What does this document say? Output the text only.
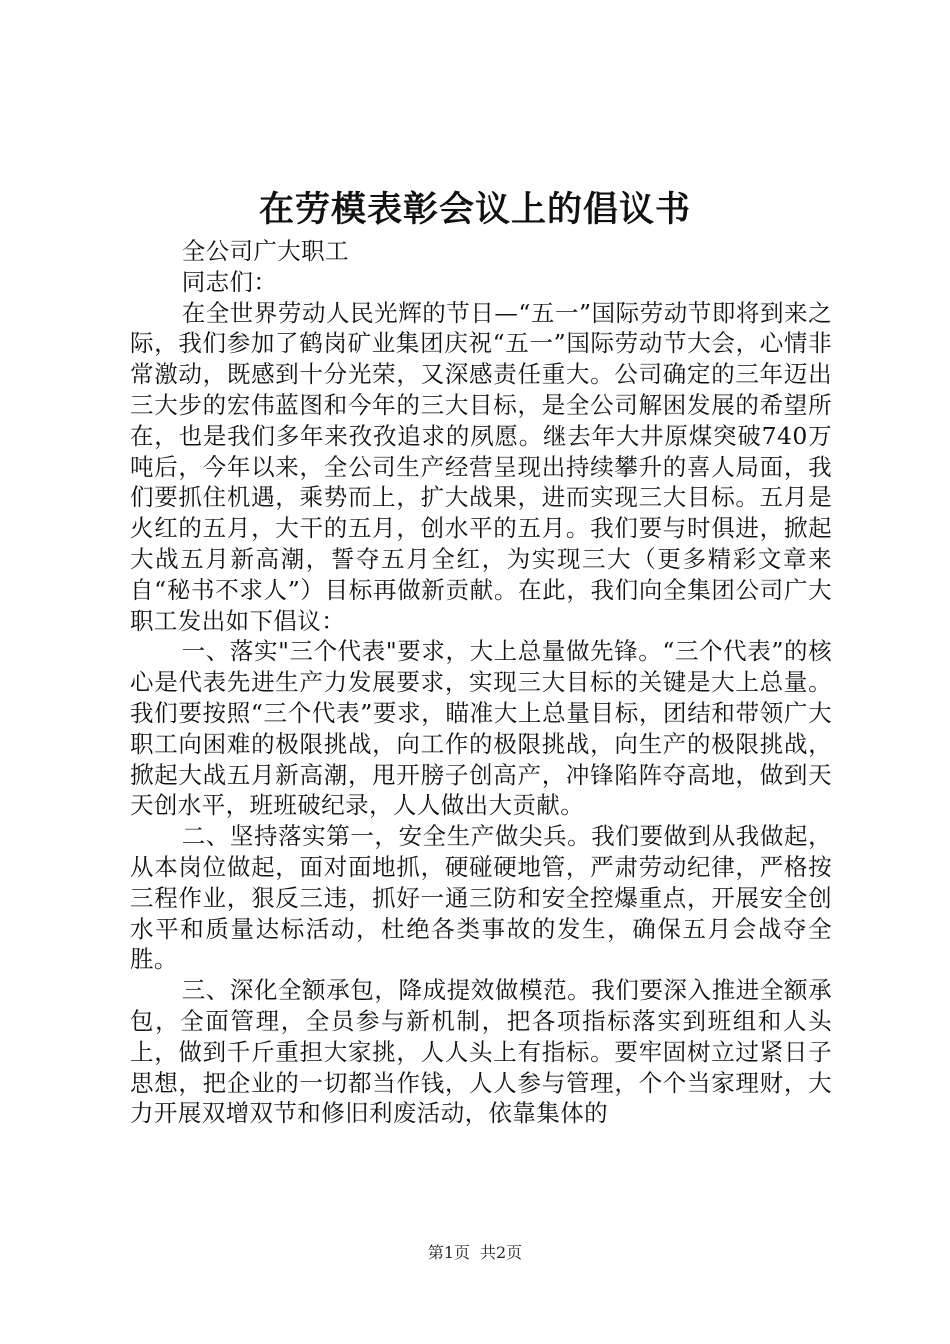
在劳模表彰会议上的倡议书

全公司广大职工

同志们：

在全世界劳动人民光辉的节日—“五一”国际劳动节即将到来之际，我们参加了鹤岗矿业集团庆祝“五一”国际劳动节大会，心情非常激动，既感到十分光荣，又深感责任重大。公司确定的三年迈出三大步的宏伟蓝图和今年的三大目标，是全公司解困发展的希望所在，也是我们多年来孜孜追求的夙愿。继去年大井原煤突破740万吨后，今年以来，全公司生产经营呈现出持续攀升的喜人局面，我们要抓住机遇，乘势而上，扩大战果，进而实现三大目标。五月是火红的五月，大干的五月，创水平的五月。我们要与时俱进，掀起大战五月新高潮，誓夺五月全红，为实现三大（更多精彩文章来自“秘书不求人”）目标再做新贡献。在此，我们向全集团公司广大职工发出如下倡议：

一、落实"三个代表"要求，大上总量做先锋。“三个代表”的核心是代表先进生产力发展要求，实现三大目标的关键是大上总量。我们要按照“三个代表”要求，瞄准大上总量目标，团结和带领广大职工向困难的极限挑战，向工作的极限挑战，向生产的极限挑战，掀起大战五月新高潮，甩开膀子创高产，冲锋陷阵夺高地，做到天天创水平，班班破纪录，人人做出大贡献。

二、坚持落实第一，安全生产做尖兵。我们要做到从我做起，从本岗位做起，面对面地抓，硬碰硬地管，严肃劳动纪律，严格按三程作业，狠反三违，抓好一通三防和安全控爆重点，开展安全创水平和质量达标活动，杜绝各类事故的发生，确保五月会战夺全胜。

三、深化全额承包，降成提效做模范。我们要深入推进全额承包，全面管理，全员参与新机制，把各项指标落实到班组和人头上，做到千斤重担大家挑，人人头上有指标。要牢固树立过紧日子思想，把企业的一切都当作钱，人人参与管理，个个当家理财，大力开展双增双节和修旧利废活动，依靠集体的

第1页 共2页
